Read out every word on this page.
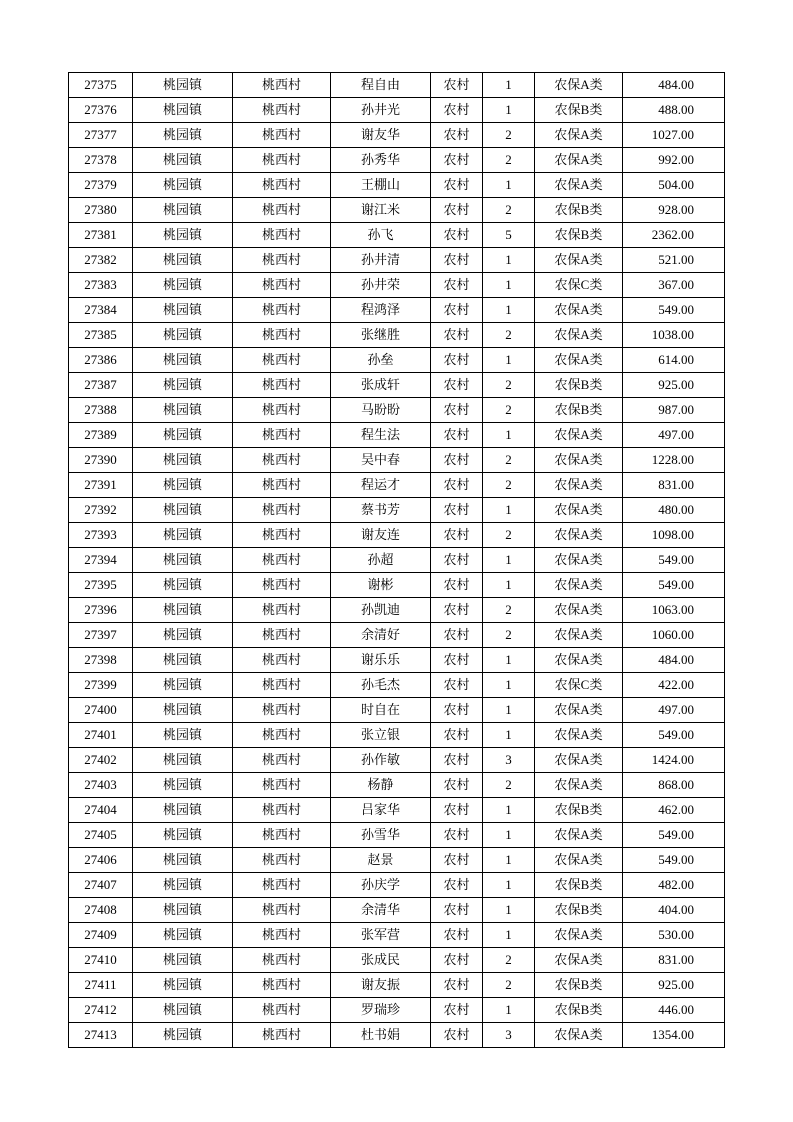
27375	桃园镇	桃西村	程自由	农村	1	农保A类	484.00
27376	桃园镇	桃西村	孙井光	农村	1	农保B类	488.00
27377	桃园镇	桃西村	谢友华	农村	2	农保A类	1027.00
27378	桃园镇	桃西村	孙秀华	农村	2	农保A类	992.00
27379	桃园镇	桃西村	王棚山	农村	1	农保A类	504.00
27380	桃园镇	桃西村	谢江米	农村	2	农保B类	928.00
27381	桃园镇	桃西村	孙飞	农村	5	农保B类	2362.00
27382	桃园镇	桃西村	孙井清	农村	1	农保A类	521.00
27383	桃园镇	桃西村	孙井荣	农村	1	农保C类	367.00
27384	桃园镇	桃西村	程鸿泽	农村	1	农保A类	549.00
27385	桃园镇	桃西村	张继胜	农村	2	农保A类	1038.00
27386	桃园镇	桃西村	孙垒	农村	1	农保A类	614.00
27387	桃园镇	桃西村	张成轩	农村	2	农保B类	925.00
27388	桃园镇	桃西村	马盼盼	农村	2	农保B类	987.00
27389	桃园镇	桃西村	程生法	农村	1	农保A类	497.00
27390	桃园镇	桃西村	吴中春	农村	2	农保A类	1228.00
27391	桃园镇	桃西村	程运才	农村	2	农保A类	831.00
27392	桃园镇	桃西村	蔡书芳	农村	1	农保A类	480.00
27393	桃园镇	桃西村	谢友连	农村	2	农保A类	1098.00
27394	桃园镇	桃西村	孙超	农村	1	农保A类	549.00
27395	桃园镇	桃西村	谢彬	农村	1	农保A类	549.00
27396	桃园镇	桃西村	孙凯迪	农村	2	农保A类	1063.00
27397	桃园镇	桃西村	余清好	农村	2	农保A类	1060.00
27398	桃园镇	桃西村	谢乐乐	农村	1	农保A类	484.00
27399	桃园镇	桃西村	孙毛杰	农村	1	农保C类	422.00
27400	桃园镇	桃西村	时自在	农村	1	农保A类	497.00
27401	桃园镇	桃西村	张立银	农村	1	农保A类	549.00
27402	桃园镇	桃西村	孙作敏	农村	3	农保A类	1424.00
27403	桃园镇	桃西村	杨静	农村	2	农保A类	868.00
27404	桃园镇	桃西村	吕家华	农村	1	农保B类	462.00
27405	桃园镇	桃西村	孙雪华	农村	1	农保A类	549.00
27406	桃园镇	桃西村	赵景	农村	1	农保A类	549.00
27407	桃园镇	桃西村	孙庆学	农村	1	农保B类	482.00
27408	桃园镇	桃西村	余清华	农村	1	农保B类	404.00
27409	桃园镇	桃西村	张军营	农村	1	农保A类	530.00
27410	桃园镇	桃西村	张成民	农村	2	农保A类	831.00
27411	桃园镇	桃西村	谢友振	农村	2	农保B类	925.00
27412	桃园镇	桃西村	罗瑞珍	农村	1	农保B类	446.00
27413	桃园镇	桃西村	杜书娟	农村	3	农保A类	1354.00
